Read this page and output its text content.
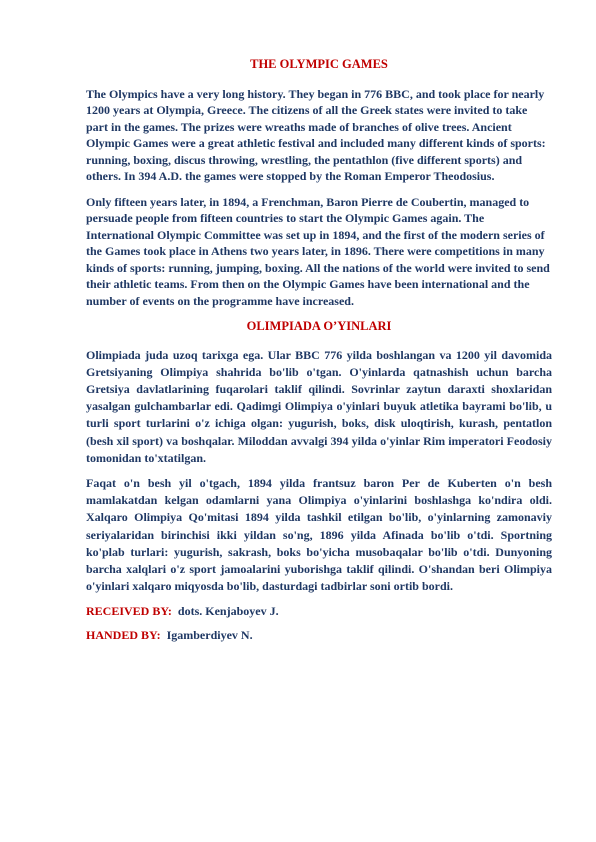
THE OLYMPIC GAMES

The Olympics have a very long history. They began in 776 BBC, and took place for nearly 1200 years at Olympia, Greece. The citizens of all the Greek states were invited to take part in the games. The prizes were wreaths made of branches of olive trees. Ancient Olympic Games were a great athletic festival and included many different kinds of sports: running, boxing, discus throwing, wrestling, the pentathlon (five different sports) and others. In 394 A.D. the games were stopped by the Roman Emperor Theodosius.

Only fifteen years later, in 1894, a Frenchman, Baron Pierre de Coubertin, managed to persuade people from fifteen countries to start the Olympic Games again. The International Olympic Committee was set up in 1894, and the first of the modern series of the Games took place in Athens two years later, in 1896. There were competitions in many kinds of sports: running, jumping, boxing. All the nations of the world were invited to send their athletic teams. From then on the Olympic Games have been international and the number of events on the programme have increased.

OLIMPIADA O’YINLARI

Olimpiada juda uzoq tarixga ega. Ular BBC 776 yilda boshlangan va 1200 yil davomida Gretsiyaning Olimpiya shahrida bo'lib o'tgan. O'yinlarda qatnashish uchun barcha Gretsiya davlatlarining fuqarolari taklif qilindi. Sovrinlar zaytun daraxti shoxlaridan yasalgan gulchambarlar edi. Qadimgi Olimpiya o'yinlari buyuk atletika bayrami bo'lib, u turli sport turlarini o'z ichiga olgan: yugurish, boks, disk uloqtirish, kurash, pentatlon (besh xil sport) va boshqalar. Miloddan avvalgi 394 yilda o'yinlar Rim imperatori Feodosiy tomonidan to'xtatilgan.

Faqat o'n besh yil o'tgach, 1894 yilda frantsuz baron Per de Kuberten o'n besh mamlakatdan kelgan odamlarni yana Olimpiya o'yinlarini boshlashga ko'ndira oldi. Xalqaro Olimpiya Qo'mitasi 1894 yilda tashkil etilgan bo'lib, o'yinlarning zamonaviy seriyalaridan birinchisi ikki yildan so'ng, 1896 yilda Afinada bo'lib o'tdi. Sportning ko'plab turlari: yugurish, sakrash, boks bo'yicha musobaqalar bo'lib o'tdi. Dunyoning barcha xalqlari o'z sport jamoalarini yuborishga taklif qilindi. O'shandan beri Olimpiya o'yinlari xalqaro miqyosda bo'lib, dasturdagi tadbirlar soni ortib bordi.

RECEIVED BY: dots. Kenjaboyev J.
HANDED BY: Igamberdiyev N.
